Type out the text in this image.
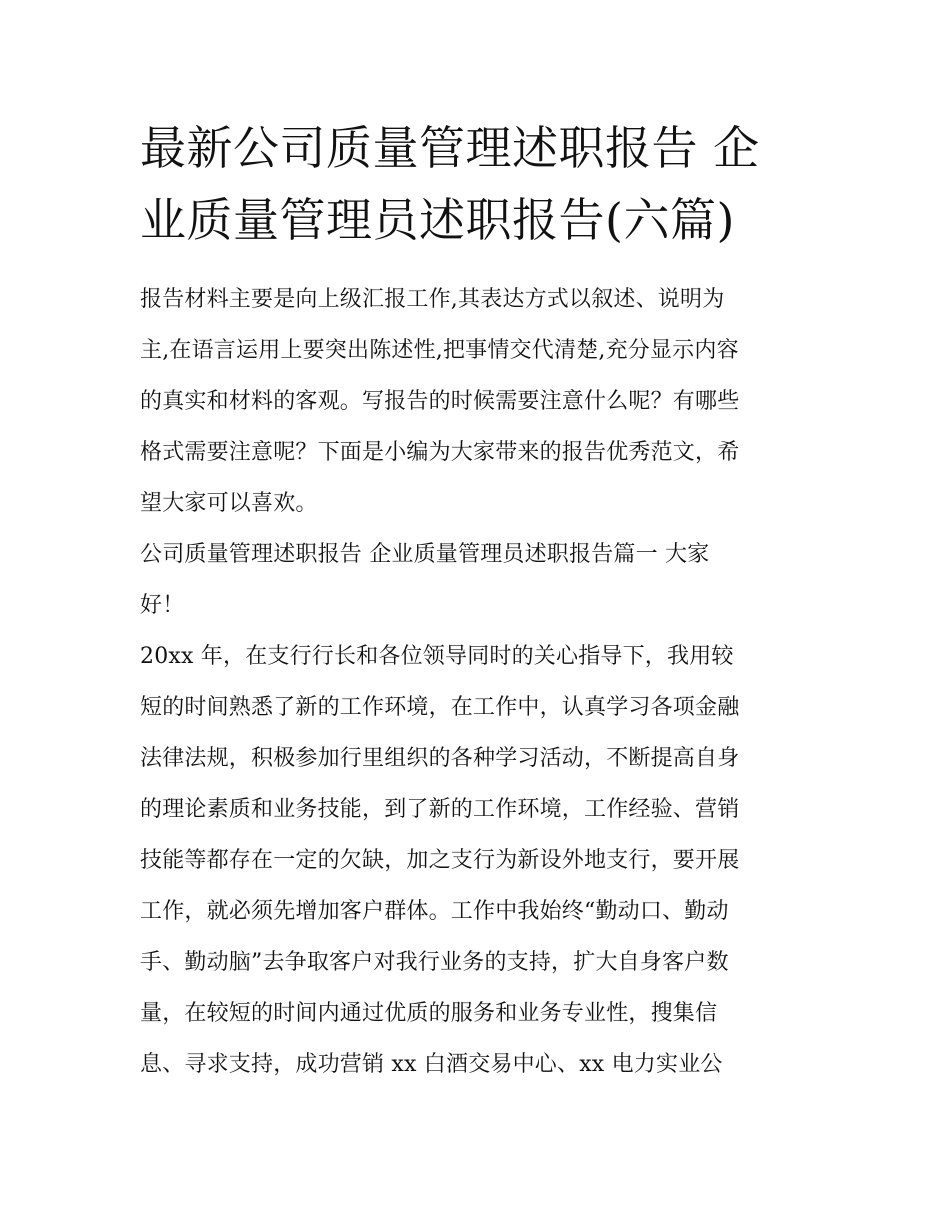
最新公司质量管理述职报告 企
业质量管理员述职报告(六篇)
报告材料主要是向上级汇报工作,其表达方式以叙述、说明为
主,在语言运用上要突出陈述性,把事情交代清楚,充分显示内容
的真实和材料的客观。写报告的时候需要注意什么呢？有哪些
格式需要注意呢？下面是小编为大家带来的报告优秀范文，希
望大家可以喜欢。
公司质量管理述职报告 企业质量管理员述职报告篇一 大家
好！
20xx 年，在支行行长和各位领导同时的关心指导下，我用较
短的时间熟悉了新的工作环境，在工作中，认真学习各项金融
法律法规，积极参加行里组织的各种学习活动，不断提高自身
的理论素质和业务技能，到了新的工作环境，工作经验、营销
技能等都存在一定的欠缺，加之支行为新设外地支行，要开展
工作，就必须先增加客户群体。工作中我始终“勤动口、勤动
手、勤动脑”去争取客户对我行业务的支持，扩大自身客户数
量，在较短的时间内通过优质的服务和业务专业性，搜集信
息、寻求支持，成功营销 xx 白酒交易中心、xx 电力实业公
